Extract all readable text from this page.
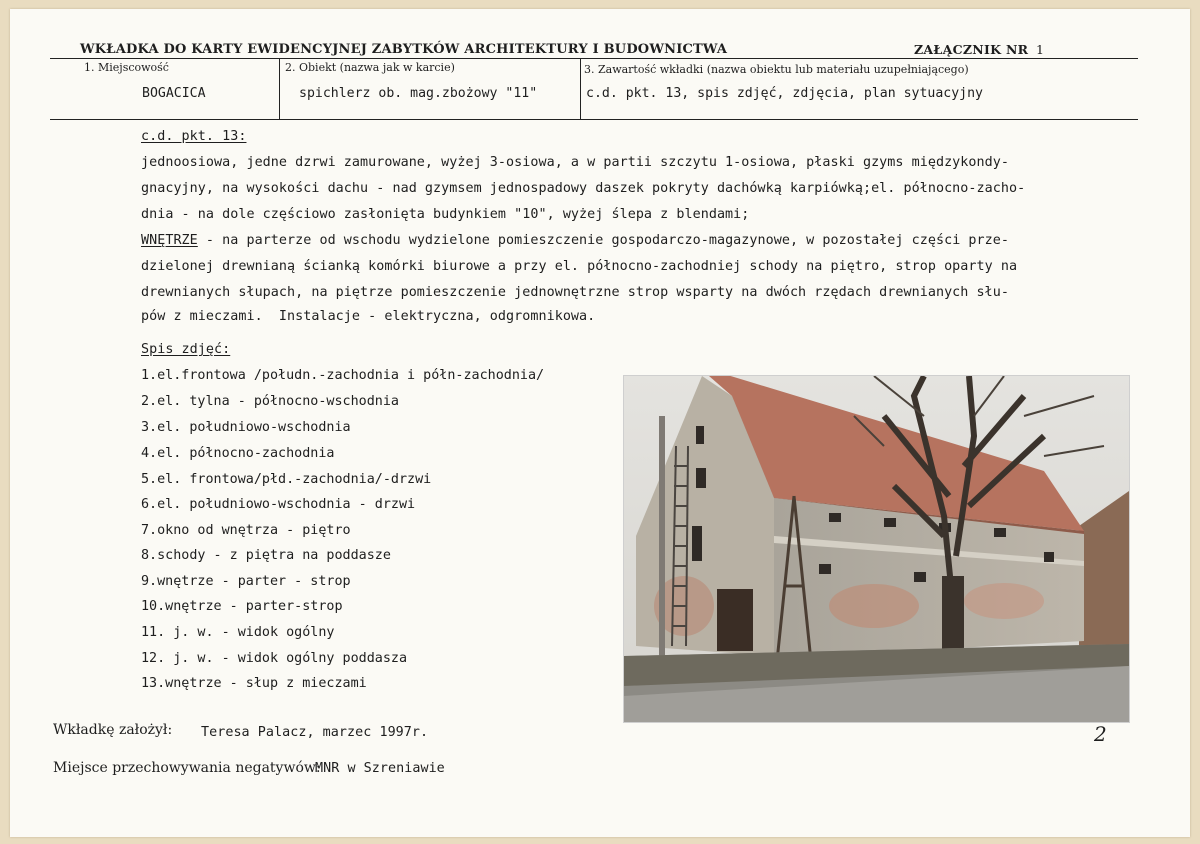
WKŁADKA DO KARTY EWIDENCYJNEJ ZABYTKÓW ARCHITEKTURY I BUDOWNICTWA	ZAŁĄCZNIK NR 1
1. Miejscowość
BOGACICA
2. Obiekt (nazwa jak w karcie)
spichlerz ob. mag.zbożowy "11"
3. Zawartość wkładki (nazwa obiektu lub materiału uzupełniającego)
c.d. pkt. 13, spis zdjęć, zdjęcia, plan sytuacyjny
c.d. pkt. 13:
jednoosiowa, jedne dzrwi zamurowane, wyżej 3-osiowa, a w partii szczytu 1-osiowa, płaski gzyms międzykondy-
gnacyjny, na wysokości dachu - nad gzymsem jednospadowy daszek pokryty dachówką karpiówką;el. północno-zacho-
dnia - na dole częściowo zasłonięta budynkiem "10", wyżej ślepa z blendami;
WNĘTRZE - na parterze od wschodu wydzielone pomieszczenie gospodarczo-magazynowe, w pozostałej części prze-
dzielonej drewnianą ścianką komórki biurowe a przy el. północno-zachodniej schody na piętro, strop oparty na
drewnianych słupach, na piętrze pomieszczenie jednownętrzne strop wsparty na dwóch rzędach drewnianych słu-
pów z mieczami.  Instalacje - elektryczna, odgromnikowa.
Spis zdjęć:
1.el.frontowa /połudn.-zachodnia i półn-zachodnia/
2.el. tylna - północno-wschodnia
3.el. południowo-wschodnia
4.el. północno-zachodnia
5.el. frontowa/płd.-zachodnia/-drzwi
6.el. południowo-wschodnia - drzwi
7.okno od wnętrza - piętro
8.schody - z piętra na poddasze
9.wnętrze - parter - strop
10.wnętrze - parter-strop
11. j. w. - widok ogólny
12. j. w. - widok ogólny poddasza
13.wnętrze - słup z mieczami
2
Wkładkę założył: Teresa Palacz, marzec 1997r.
Miejsce przechowywania negatywów:
MNR w Szreniawie
